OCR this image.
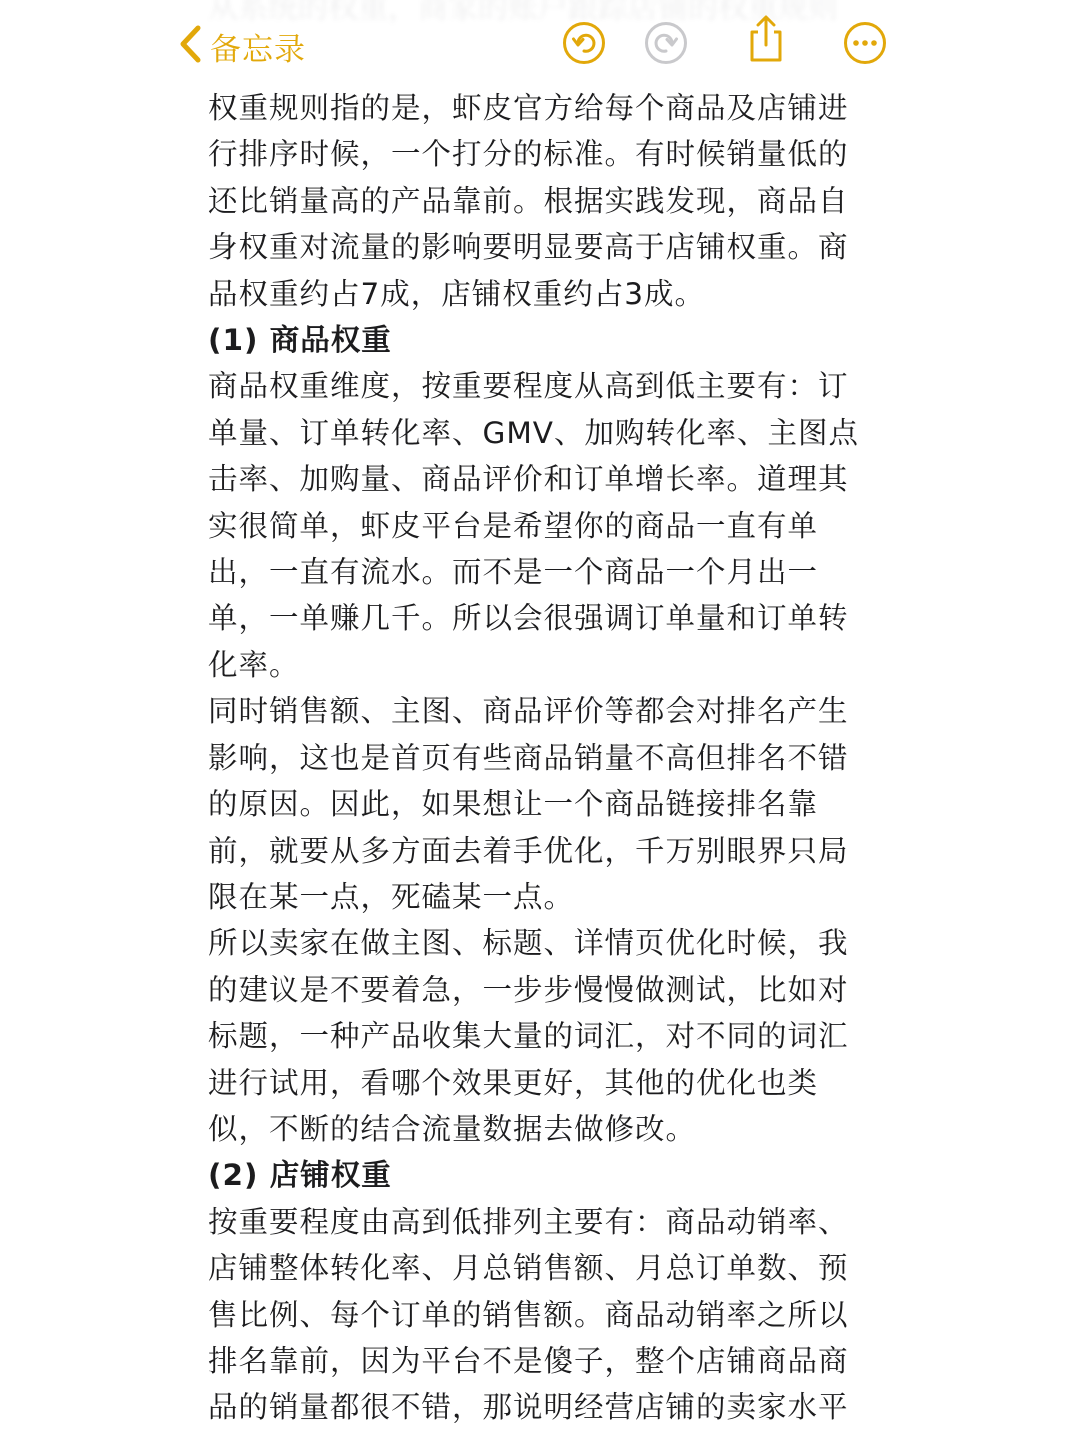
备忘录

权重规则指的是，虾皮官方给每个商品及店铺进行排序时候，一个打分的标准。有时候销量低的还比销量高的产品靠前。根据实践发现，商品自身权重对流量的影响要明显要高于店铺权重。商品权重约占7成，店铺权重约占3成。

(1) 商品权重

商品权重维度，按重要程度从高到低主要有：订单量、订单转化率、GMV、加购转化率、主图点击率、加购量、商品评价和订单增长率。道理其实很简单，虾皮平台是希望你的商品一直有单出，一直有流水。而不是一个商品一个月出一单，一单赚几千。所以会很强调订单量和订单转化率。

同时销售额、主图、商品评价等都会对排名产生影响，这也是首页有些商品销量不高但排名不错的原因。因此，如果想让一个商品链接排名靠前，就要从多方面去着手优化，千万别眼界只局限在某一点，死磕某一点。

所以卖家在做主图、标题、详情页优化时候，我的建议是不要着急，一步步慢慢做测试，比如对标题，一种产品收集大量的词汇，对不同的词汇进行试用，看哪个效果更好，其他的优化也类似，不断的结合流量数据去做修改。

(2) 店铺权重

按重要程度由高到低排列主要有：商品动销率、店铺整体转化率、月总销售额、月总订单数、预售比例、每个订单的销售额。商品动销率之所以排名靠前，因为平台不是傻子，整个店铺商品商品的销量都很不错，那说明经营店铺的卖家水平
